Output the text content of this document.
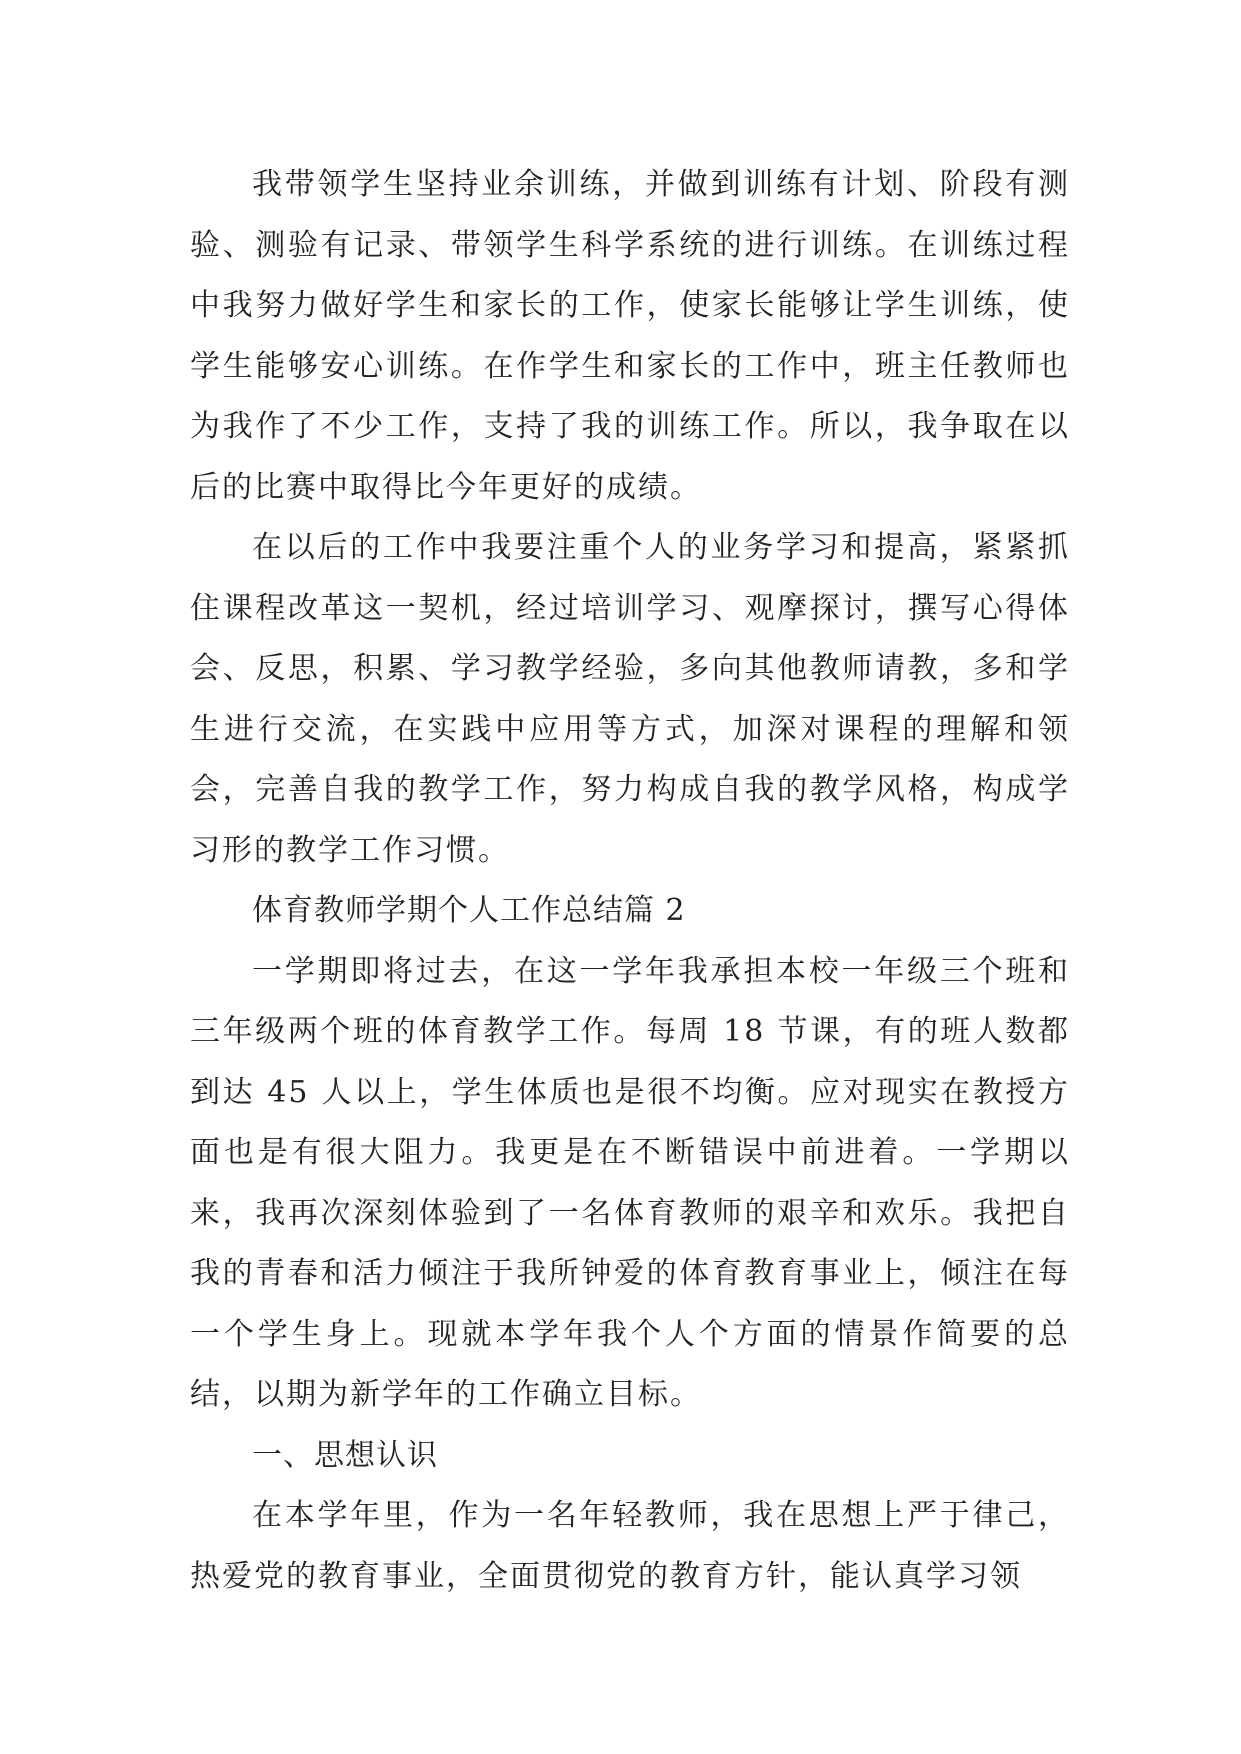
我带领学生坚持业余训练，并做到训练有计划、阶段有测验、测验有记录、带领学生科学系统的进行训练。在训练过程中我努力做好学生和家长的工作，使家长能够让学生训练，使学生能够安心训练。在作学生和家长的工作中，班主任教师也为我作了不少工作，支持了我的训练工作。所以，我争取在以后的比赛中取得比今年更好的成绩。

在以后的工作中我要注重个人的业务学习和提高，紧紧抓住课程改革这一契机，经过培训学习、观摩探讨，撰写心得体会、反思，积累、学习教学经验，多向其他教师请教，多和学生进行交流，在实践中应用等方式，加深对课程的理解和领会，完善自我的教学工作，努力构成自我的教学风格，构成学习形的教学工作习惯。

体育教师学期个人工作总结篇 2

一学期即将过去，在这一学年我承担本校一年级三个班和三年级两个班的体育教学工作。每周 18 节课，有的班人数都到达 45 人以上，学生体质也是很不均衡。应对现实在教授方面也是有很大阻力。我更是在不断错误中前进着。一学期以来，我再次深刻体验到了一名体育教师的艰辛和欢乐。我把自我的青春和活力倾注于我所钟爱的体育教育事业上，倾注在每一个学生身上。现就本学年我个人个方面的情景作简要的总结，以期为新学年的工作确立目标。

一、思想认识

在本学年里，作为一名年轻教师，我在思想上严于律己，热爱党的教育事业，全面贯彻党的教育方针，能认真学习领
